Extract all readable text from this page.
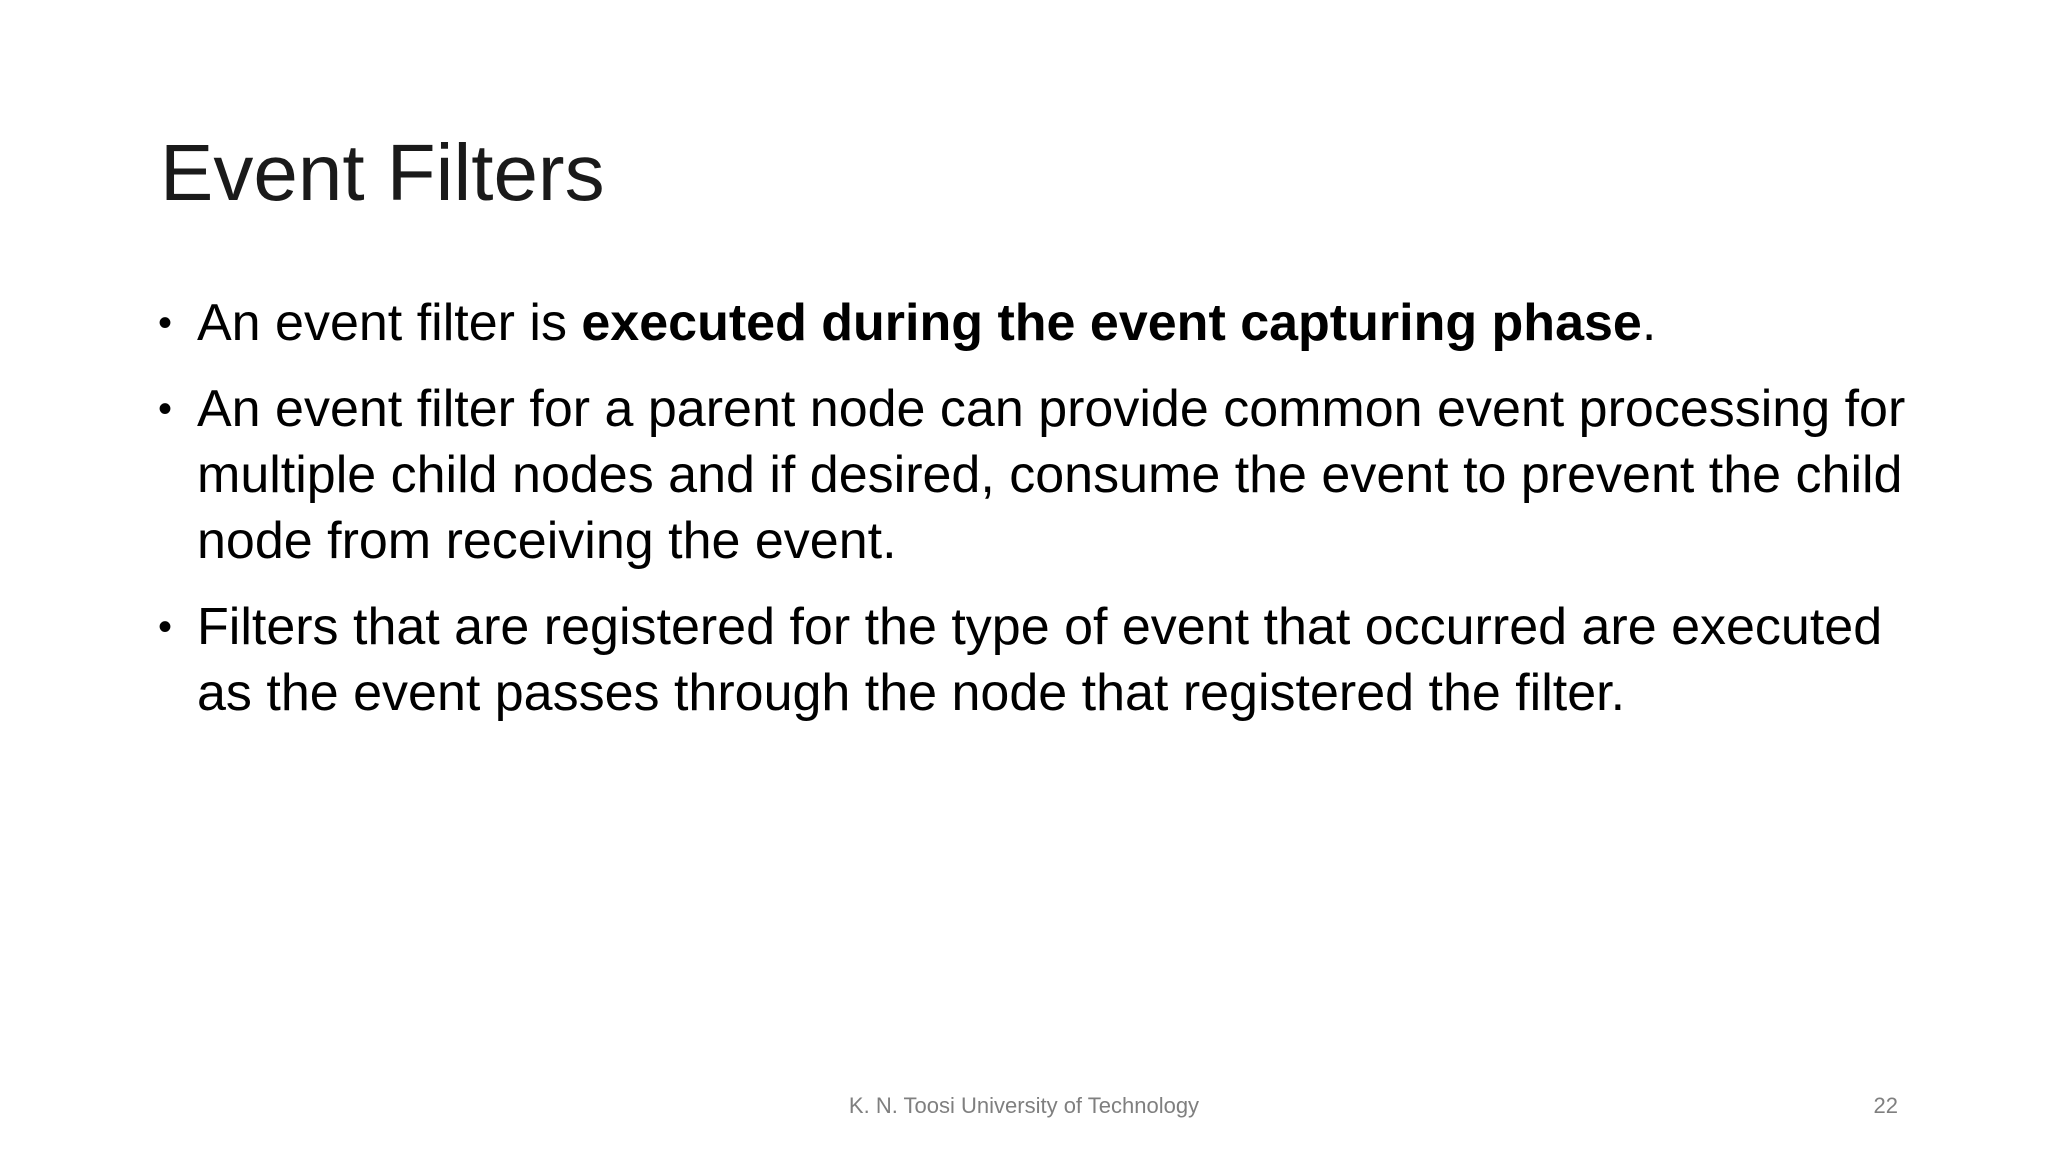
Event Filters
• An event filter is executed during the event capturing phase.
• An event filter for a parent node can provide common event processing for multiple child nodes and if desired, consume the event to prevent the child node from receiving the event.
• Filters that are registered for the type of event that occurred are executed as the event passes through the node that registered the filter.
K. N. Toosi University of Technology	22
